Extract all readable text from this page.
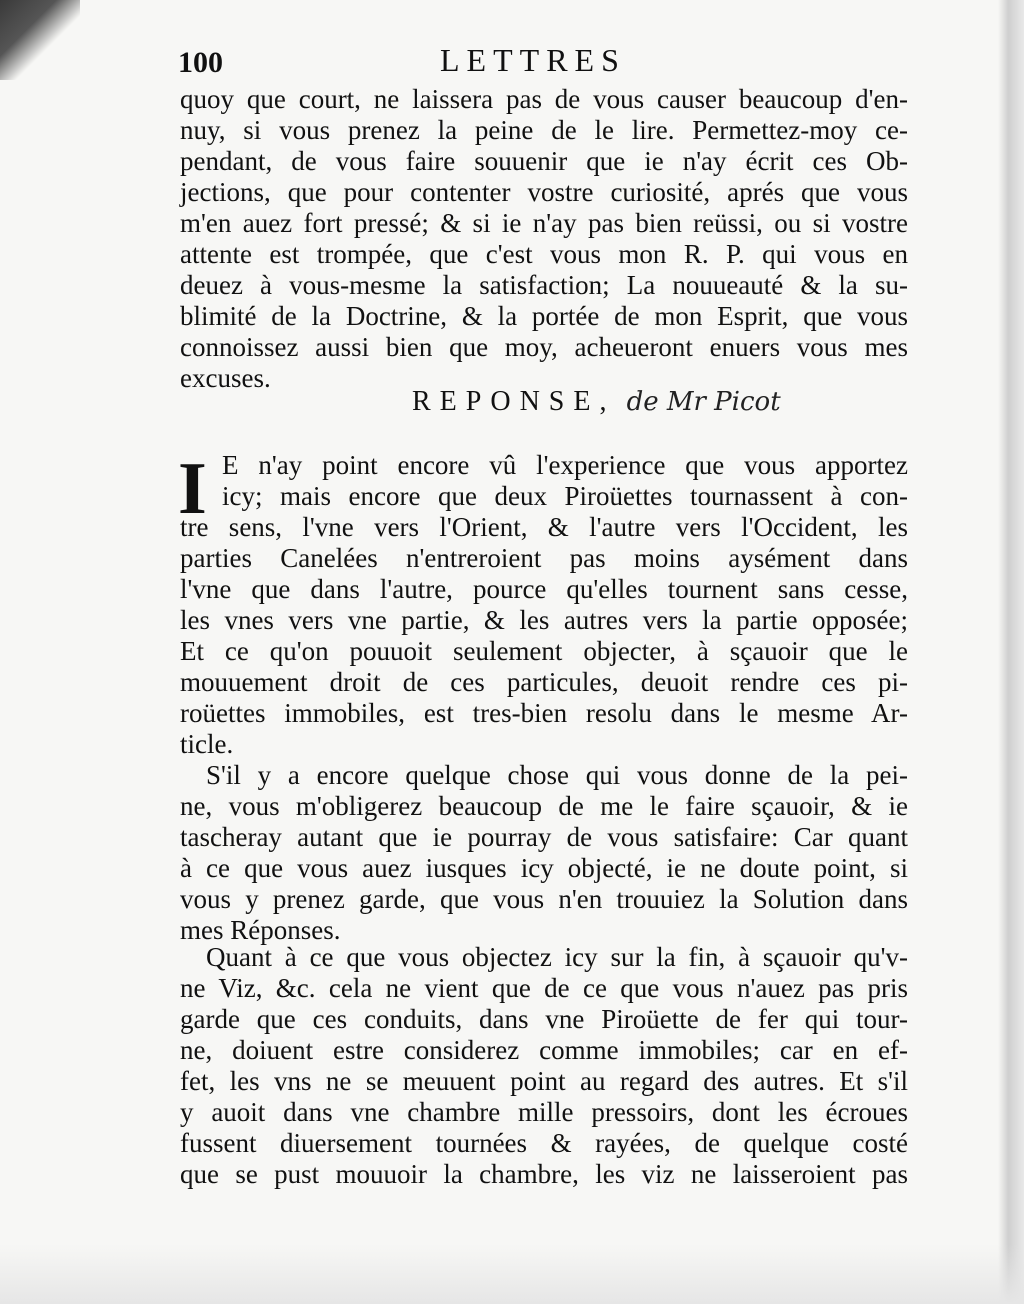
100	LETTRES
quoy que court, ne laissera pas de vous causer beaucoup d'en-
nuy, si vous prenez la peine de le lire. Permettez-moy ce-
pendant, de vous faire souuenir que ie n'ay écrit ces Ob-
jections, que pour contenter vostre curiosité, aprés que vous
m'en auez fort pressé; & si ie n'ay pas bien reüssi, ou si vostre
attente est trompée, que c'est vous mon R. P. qui vous en
deuez à vous-mesme la satisfaction; La nouueauté & la su-
blimité de la Doctrine, & la portée de mon Esprit, que vous
connoissez aussi bien que moy, acheueront enuers vous mes
excuses.
REPONSE, de Mr Picot
I E n'ay point encore vû l'experience que vous apportez
icy; mais encore que deux Piroüettes tournassent à con-
tre sens, l'vne vers l'Orient, & l'autre vers l'Occident, les
parties Canelées n'entreroient pas moins aysément dans
l'vne que dans l'autre, pource qu'elles tournent sans cesse,
les vnes vers vne partie, & les autres vers la partie opposée;
Et ce qu'on pouuoit seulement objecter, à sçauoir que le
mouuement droit de ces particules, deuoit rendre ces pi-
roüettes immobiles, est tres-bien resolu dans le mesme Ar-
ticle.
S'il y a encore quelque chose qui vous donne de la pei-
ne, vous m'obligerez beaucoup de me le faire sçauoir, & ie
tascheray autant que ie pourray de vous satisfaire: Car quant
à ce que vous auez iusques icy objecté, ie ne doute point, si
vous y prenez garde, que vous n'en trouuiez la Solution dans
mes Réponses.
Quant à ce que vous objectez icy sur la fin, à sçauoir qu'v-
ne Viz, &c. cela ne vient que de ce que vous n'auez pas pris
garde que ces conduits, dans vne Piroüette de fer qui tour-
ne, doiuent estre considerez comme immobiles; car en ef-
fet, les vns ne se meuuent point au regard des autres. Et s'il
y auoit dans vne chambre mille pressoirs, dont les écroues
fussent diuersement tournées & rayées, de quelque costé
que se pust mouuoir la chambre, les viz ne laisseroient pas
